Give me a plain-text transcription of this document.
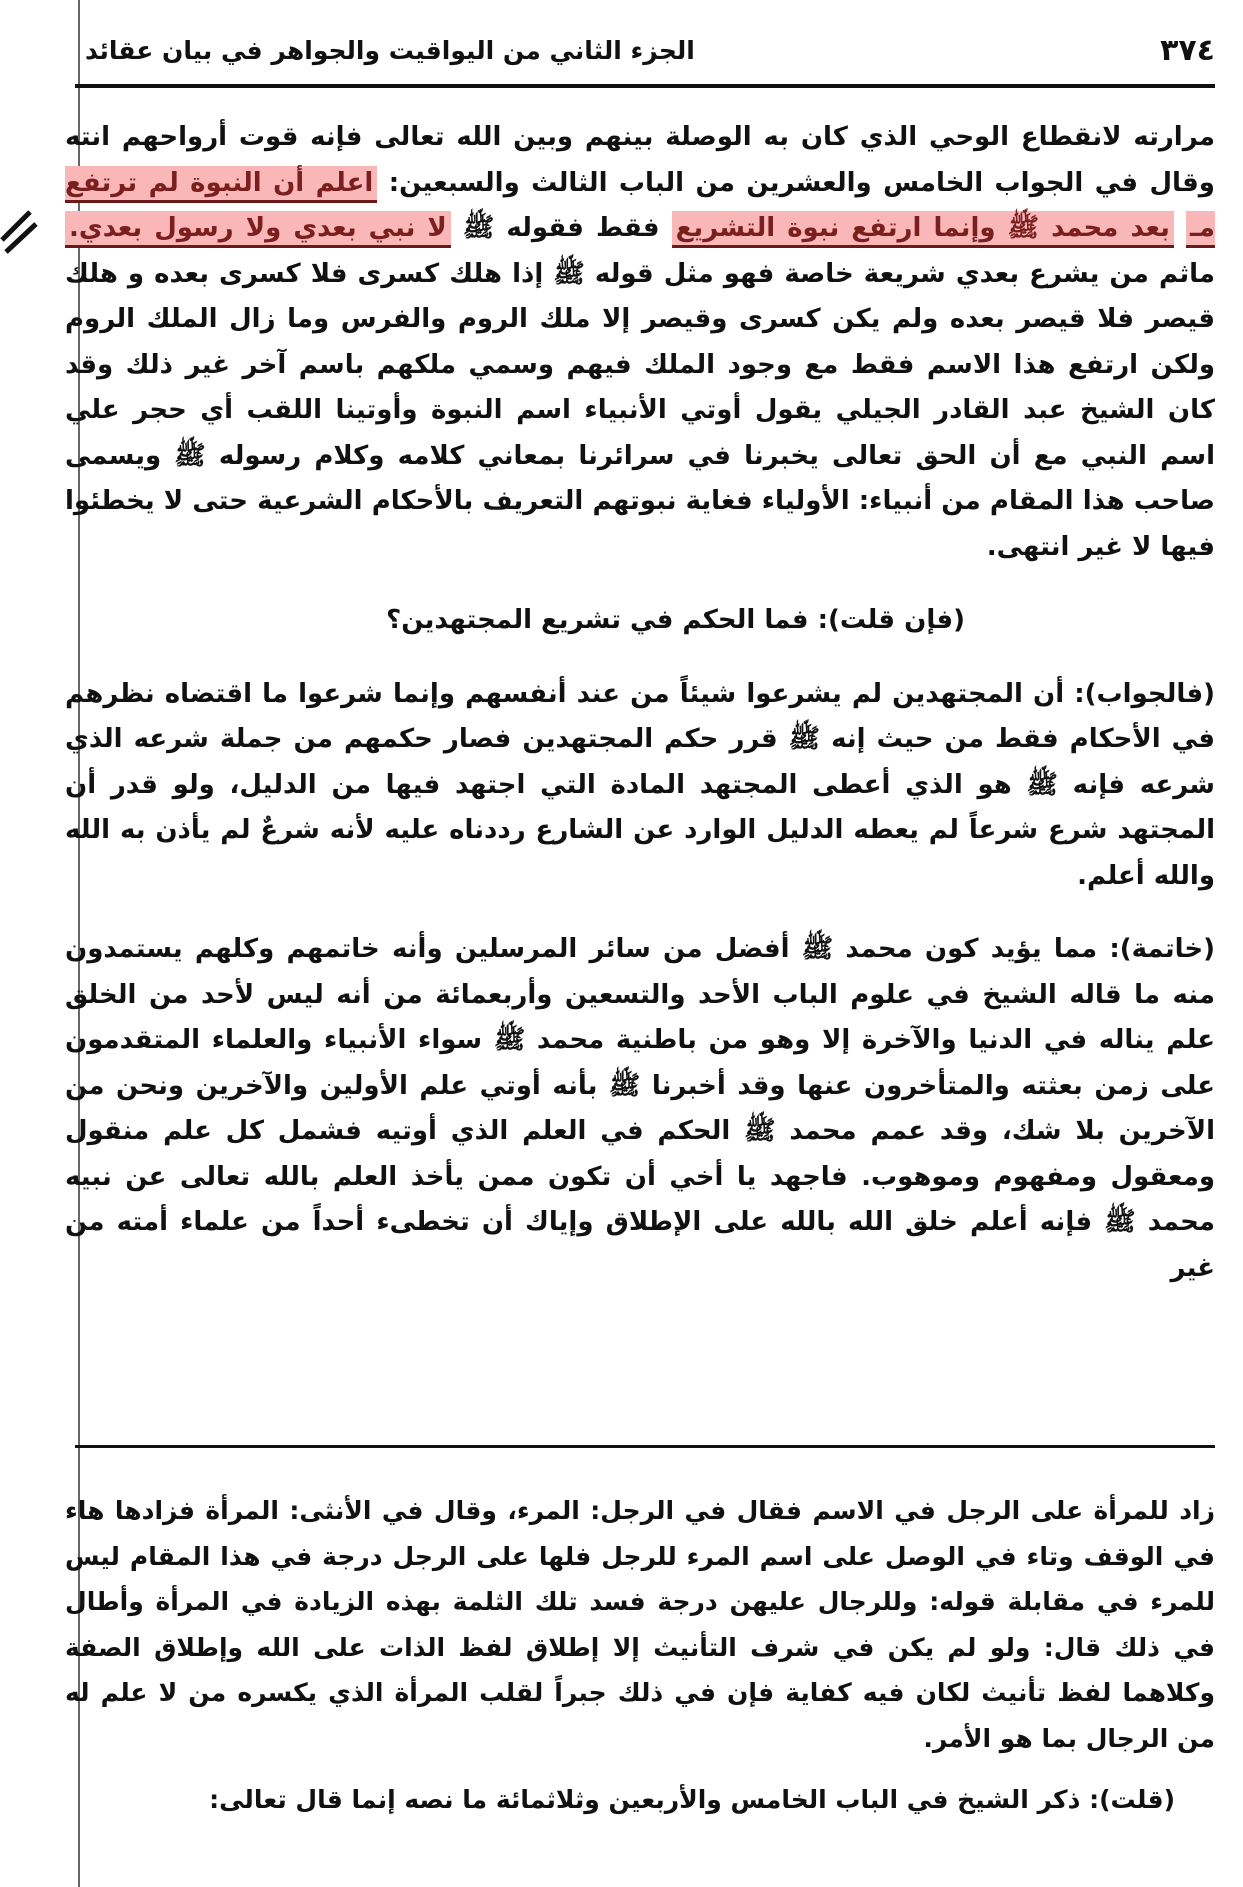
٣٧٤
الجزء الثاني من اليواقيت والجواهر في بيان عقائد

مرارته لانقطاع الوحي الذي كان به الوصلة بينهم وبين الله تعالى فإنه قوت أرواحهم انته وقال في الجواب الخامس والعشرين من الباب الثالث والسبعين: اعلم أن النبوة لم ترتفع مـ بعد محمد ﷺ وإنما ارتفع نبوة التشريع فقط فقوله ﷺ لا نبي بعدي ولا رسول بعدي. ماثم من يشرع بعدي شريعة خاصة فهو مثل قوله ﷺ إذا هلك كسرى فلا كسرى بعده و هلك قيصر فلا قيصر بعده ولم يكن كسرى وقيصر إلا ملك الروم والفرس وما زال الملك الروم ولكن ارتفع هذا الاسم فقط مع وجود الملك فيهم وسمي ملكهم باسم آخر غير ذلك وقد كان الشيخ عبد القادر الجيلي يقول أوتي الأنبياء اسم النبوة وأوتينا اللقب أي حجر علي اسم النبي مع أن الحق تعالى يخبرنا في سرائرنا بمعاني كلامه وكلام رسوله ﷺ ويسمى صاحب هذا المقام من أنبياء: الأولياء فغاية نبوتهم التعريف بالأحكام الشرعية حتى لا يخطئوا فيها لا غير انتهى.

(فإن قلت): فما الحكم في تشريع المجتهدين؟

(فالجواب): أن المجتهدين لم يشرعوا شيئاً من عند أنفسهم وإنما شرعوا ما اقتضاه نظرهم في الأحكام فقط من حيث إنه ﷺ قرر حكم المجتهدين فصار حكمهم من جملة شرعه الذي شرعه فإنه ﷺ هو الذي أعطى المجتهد المادة التي اجتهد فيها من الدليل، ولو قدر أن المجتهد شرع شرعاً لم يعطه الدليل الوارد عن الشارع رددناه عليه لأنه شرعٌ لم يأذن به الله والله أعلم.

(خاتمة): مما يؤيد كون محمد ﷺ أفضل من سائر المرسلين وأنه خاتمهم وكلهم يستمدون منه ما قاله الشيخ في علوم الباب الأحد والتسعين وأربعمائة من أنه ليس لأحد من الخلق علم يناله في الدنيا والآخرة إلا وهو من باطنية محمد ﷺ سواء الأنبياء والعلماء المتقدمون على زمن بعثته والمتأخرون عنها وقد أخبرنا ﷺ بأنه أوتي علم الأولين والآخرين ونحن من الآخرين بلا شك، وقد عمم محمد ﷺ الحكم في العلم الذي أوتيه فشمل كل علم منقول ومعقول ومفهوم وموهوب. فاجهد يا أخي أن تكون ممن يأخذ العلم بالله تعالى عن نبيه محمد ﷺ فإنه أعلم خلق الله بالله على الإطلاق وإياك أن تخطىء أحداً من علماء أمته من غير

زاد للمرأة على الرجل في الاسم فقال في الرجل: المرء، وقال في الأنثى: المرأة فزادها هاء في الوقف وتاء في الوصل على اسم المرء للرجل فلها على الرجل درجة في هذا المقام ليس للمرء في مقابلة قوله: وللرجال عليهن درجة فسد تلك الثلمة بهذه الزيادة في المرأة وأطال في ذلك قال: ولو لم يكن في شرف التأنيث إلا إطلاق لفظ الذات على الله وإطلاق الصفة وكلاهما لفظ تأنيث لكان فيه كفاية فإن في ذلك جبراً لقلب المرأة الذي يكسره من لا علم له من الرجال بما هو الأمر.

(قلت): ذكر الشيخ في الباب الخامس والأربعين وثلاثمائة ما نصه إنما قال تعالى:
